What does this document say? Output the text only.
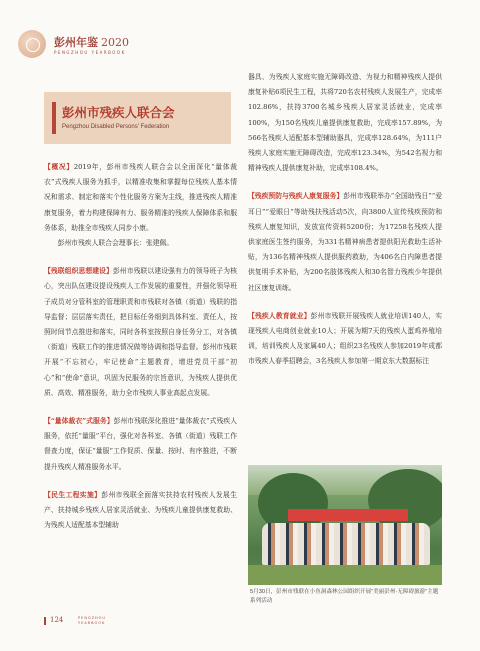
彭州年鉴 2020
PENGZHOU YEARBOOK
彭州市残疾人联合会
Pengzhou Disabled Persons' Federation

【概况】2019年，彭州市残疾人联合会以全面深化“量体裁衣”式残疾人服务为抓手，以精准收集和掌握每位残疾人基本情况和需求、制定和落实个性化服务方案为主线，推进残疾人精准康复服务，着力构建保障有力、服务精准的残疾人保障体系和服务体系，助推全市残疾人同步小康。

彭州市残疾人联合会理事长：张建佩。

【残联组织思想建设】彭州市残联以建设强有力的领导班子为核心，突出队伍建设提设残疾人工作发展的重要性，并强化领导班子成员对分管科室的管理职责和市残联对各镇（街道）残联的指导监督；层层落实责任，把目标任务细到具体科室、责任人，按照时间节点推进和落实，同时各科室按照自身任务分工，对各镇（街道）残联工作的推进情况做等协调和指导监督。彭州市残联开展“不忘初心，牢记使命”主题教育，增进党员干部“初心”和“使命”意识，巩固为民服务的宗旨意识，为残疾人提供优质、高效、精准服务，助力全市残疾人事业高起点发展。

【“量体裁衣”式服务】彭州市残联深化推进“量体裁衣”式残疾人服务，依托“量服”平台，强化对各科室、各镇（街道）残联工作督查力度，保证“量服”工作促质、保量、按时、有序推进，不断提升残疾人精准服务水平。

【民生工程实施】彭州市残联全面落实扶持农村残疾人发展生产、扶持城乡残疾人居家灵活就业、为残疾儿童提供康复救助、为残疾人适配基本型辅助

器具、为残疾人家庭实施无障碍改造、为视力和精神残疾人提供康复补贴6项民生工程，共将720名农村残疾人发展生产，完成率102.86%，扶持3700名城乡残疾人居家灵活就业，完成率100%，为150名残疾儿童提供康复救助，完成率157.89%，为566名残疾人适配基本型辅助器具，完成率128.64%，为111户残疾人家庭实施无障碍改造，完成率123.34%，为542名视力和精神残疾人提供康复补助，完成率108.4%。

【残疾预防与残疾人康复服务】彭州市残联举办“全国助残日”“爱耳日”“爱眼日”等助残扶残活动5次，向3800人宣传残疾预防和残疾人康复知识，发放宣传资料5200份；为17258名残疾人提供家庭医生签约服务，为331名精神病患者提供阳光救助生活补贴，为136名精神残疾人提供服药救助，为406名白内障患者提供复明手术补贴，为200名肢体残疾人和30名智力残疾少年提供社区康复训练。

【残疾人教育就业】彭州市残联开展残疾人就业培训140人，实现残疾人电商创业就业10人；开展为期7天的残疾人蛋鸡养殖培训，培训残疾人及家属40人；组织23名残疾人参加2019年成都市残疾人春季招聘会，3名残疾人参加第一期京东大数据标注

5月30日，彭州市残联在小鱼洞森林公园组织开展“美丽彭州·无障碍旅游”主题系列活动
124	PENGZHOU
YEARBOOK
